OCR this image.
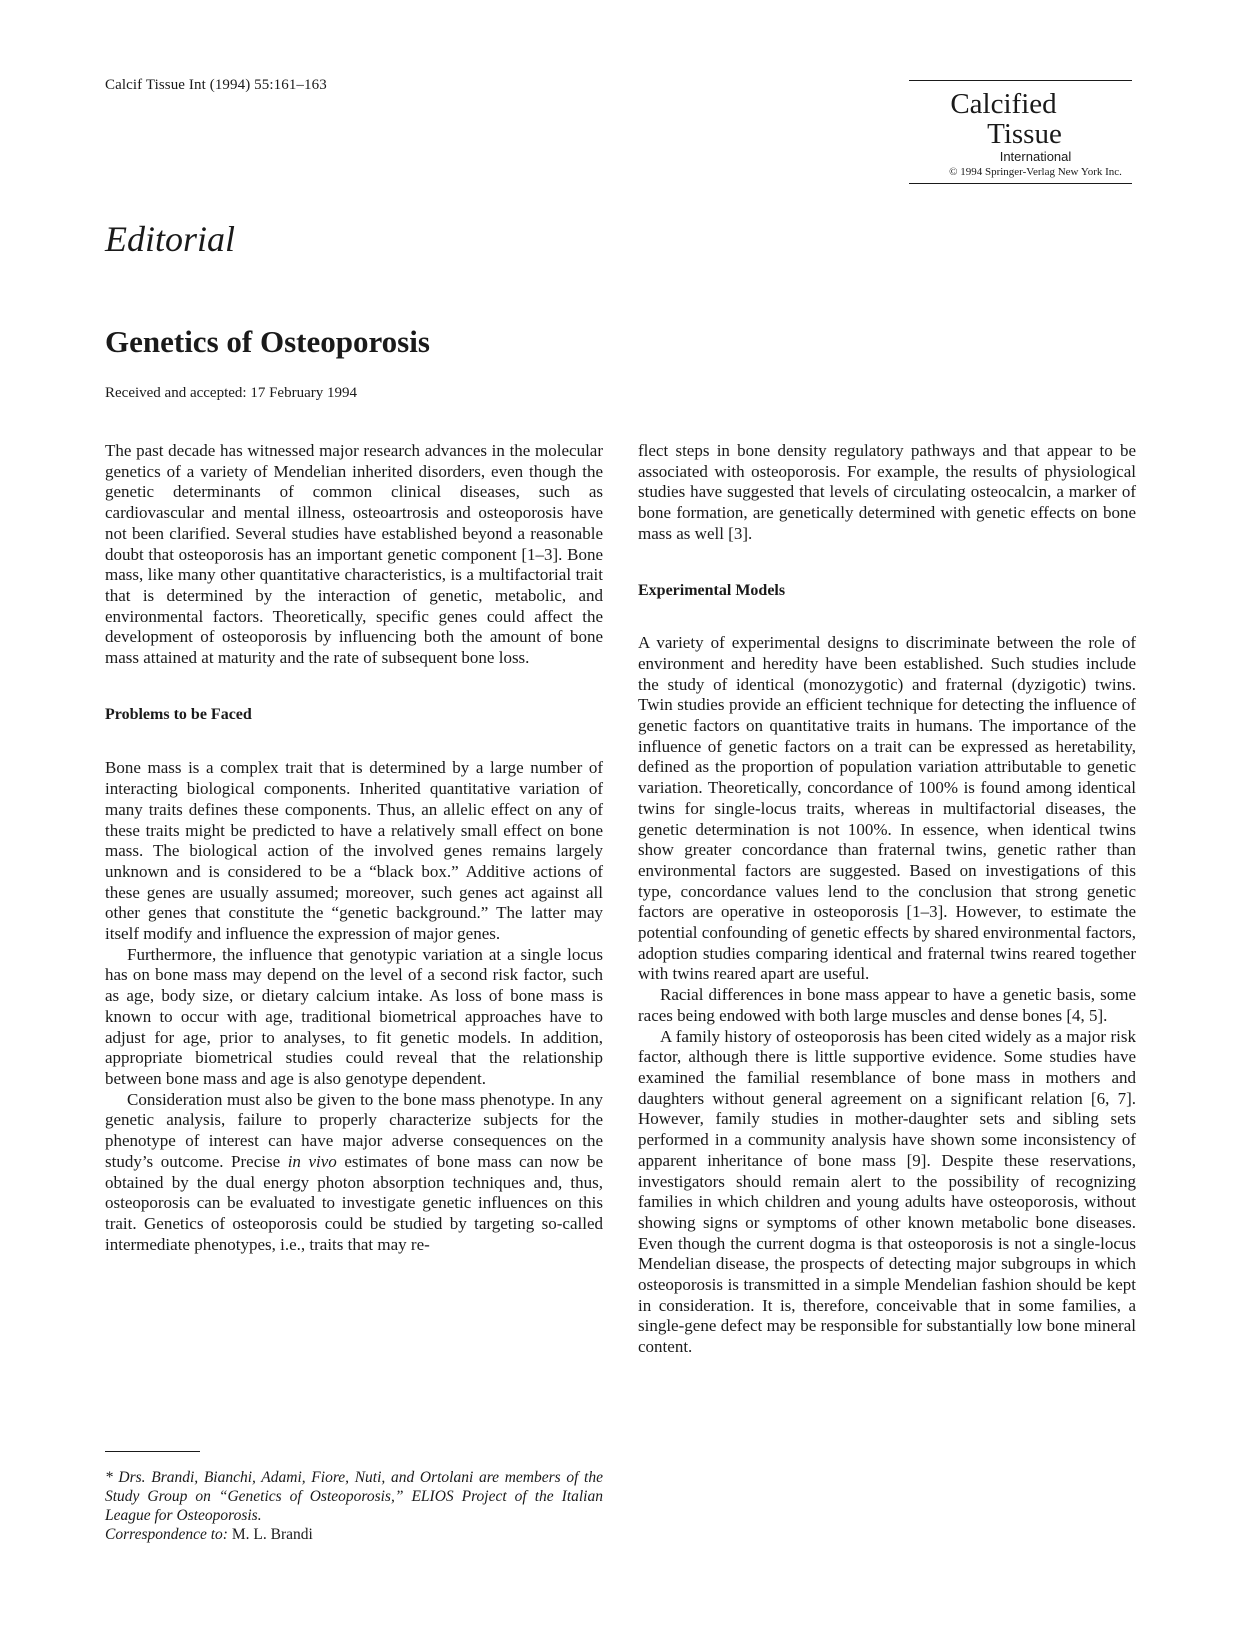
Calcif Tissue Int (1994) 55:161–163
Calcified
Tissue
International
© 1994 Springer-Verlag New York Inc.
Editorial
Genetics of Osteoporosis
Received and accepted: 17 February 1994

The past decade has witnessed major research advances in the molecular genetics of a variety of Mendelian inherited disorders, even though the genetic determinants of common clinical diseases, such as cardiovascular and mental illness, osteoartrosis and osteoporosis have not been clarified. Several studies have established beyond a reasonable doubt that osteoporosis has an important genetic component [1–3]. Bone mass, like many other quantitative characteristics, is a multifactorial trait that is determined by the interaction of genetic, metabolic, and environmental factors. Theoretically, specific genes could affect the development of osteoporosis by influencing both the amount of bone mass attained at maturity and the rate of subsequent bone loss.

Problems to be Faced

Bone mass is a complex trait that is determined by a large number of interacting biological components. Inherited quantitative variation of many traits defines these components. Thus, an allelic effect on any of these traits might be predicted to have a relatively small effect on bone mass. The biological action of the involved genes remains largely unknown and is considered to be a “black box.” Additive actions of these genes are usually assumed; moreover, such genes act against all other genes that constitute the “genetic background.” The latter may itself modify and influence the expression of major genes.

Furthermore, the influence that genotypic variation at a single locus has on bone mass may depend on the level of a second risk factor, such as age, body size, or dietary calcium intake. As loss of bone mass is known to occur with age, traditional biometrical approaches have to adjust for age, prior to analyses, to fit genetic models. In addition, appropriate biometrical studies could reveal that the relationship between bone mass and age is also genotype dependent.

Consideration must also be given to the bone mass phenotype. In any genetic analysis, failure to properly characterize subjects for the phenotype of interest can have major adverse consequences on the study’s outcome. Precise in vivo estimates of bone mass can now be obtained by the dual energy photon absorption techniques and, thus, osteoporosis can be evaluated to investigate genetic influences on this trait. Genetics of osteoporosis could be studied by targeting so-called intermediate phenotypes, i.e., traits that may re-

flect steps in bone density regulatory pathways and that appear to be associated with osteoporosis. For example, the results of physiological studies have suggested that levels of circulating osteocalcin, a marker of bone formation, are genetically determined with genetic effects on bone mass as well [3].

Experimental Models

A variety of experimental designs to discriminate between the role of environment and heredity have been established. Such studies include the study of identical (monozygotic) and fraternal (dyzigotic) twins. Twin studies provide an efficient technique for detecting the influence of genetic factors on quantitative traits in humans. The importance of the influence of genetic factors on a trait can be expressed as heretability, defined as the proportion of population variation attributable to genetic variation. Theoretically, concordance of 100% is found among identical twins for single-locus traits, whereas in multifactorial diseases, the genetic determination is not 100%. In essence, when identical twins show greater concordance than fraternal twins, genetic rather than environmental factors are suggested. Based on investigations of this type, concordance values lend to the conclusion that strong genetic factors are operative in osteoporosis [1–3]. However, to estimate the potential confounding of genetic effects by shared environmental factors, adoption studies comparing identical and fraternal twins reared together with twins reared apart are useful.

Racial differences in bone mass appear to have a genetic basis, some races being endowed with both large muscles and dense bones [4, 5].

A family history of osteoporosis has been cited widely as a major risk factor, although there is little supportive evidence. Some studies have examined the familial resemblance of bone mass in mothers and daughters without general agreement on a significant relation [6, 7]. However, family studies in mother-daughter sets and sibling sets performed in a community analysis have shown some inconsistency of apparent inheritance of bone mass [9]. Despite these reservations, investigators should remain alert to the possibility of recognizing families in which children and young adults have osteoporosis, without showing signs or symptoms of other known metabolic bone diseases. Even though the current dogma is that osteoporosis is not a single-locus Mendelian disease, the prospects of detecting major subgroups in which osteoporosis is transmitted in a simple Mendelian fashion should be kept in consideration. It is, therefore, conceivable that in some families, a single-gene defect may be responsible for substantially low bone mineral content.

* Drs. Brandi, Bianchi, Adami, Fiore, Nuti, and Ortolani are members of the Study Group on “Genetics of Osteoporosis,” ELIOS Project of the Italian League for Osteoporosis.
Correspondence to: M. L. Brandi
